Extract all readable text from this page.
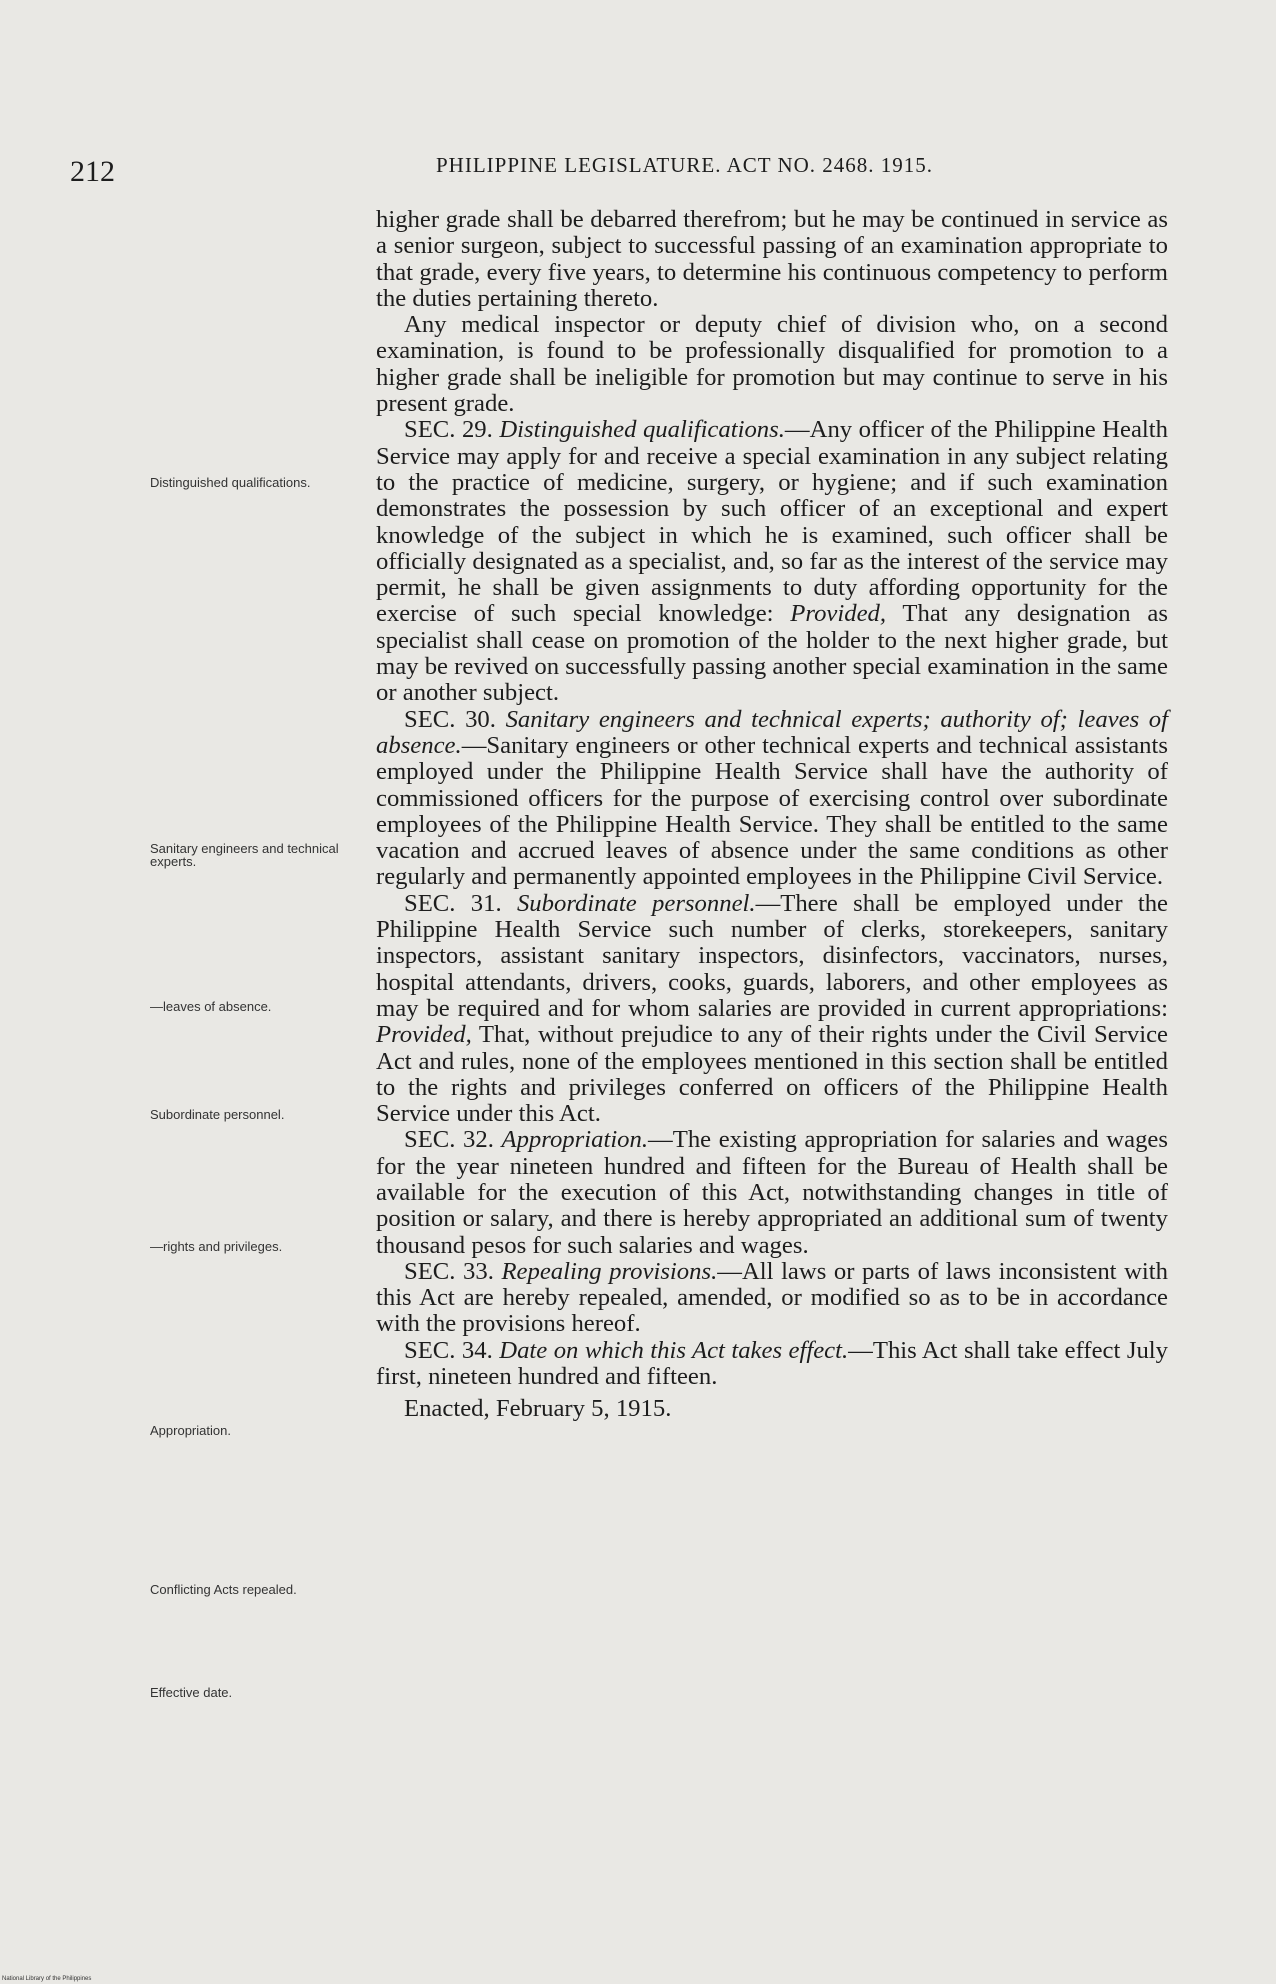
212	PHILIPPINE LEGISLATURE. ACT NO. 2468. 1915.
Distinguished qualifications.
Sanitary engineers and technical experts.
—leaves of absence.
Subordinate personnel.
—rights and privileges.
Appropriation.
Conflicting Acts repealed.
Effective date.

higher grade shall be debarred therefrom; but he may be continued in service as a senior surgeon, subject to successful passing of an examination appropriate to that grade, every five years, to determine his continuous competency to perform the duties pertaining thereto.

Any medical inspector or deputy chief of division who, on a second examination, is found to be professionally disqualified for promotion to a higher grade shall be ineligible for promotion but may continue to serve in his present grade.

SEC. 29. Distinguished qualifications.—Any officer of the Philippine Health Service may apply for and receive a special examination in any subject relating to the practice of medicine, surgery, or hygiene; and if such examination demonstrates the possession by such officer of an exceptional and expert knowledge of the subject in which he is examined, such officer shall be officially designated as a specialist, and, so far as the interest of the service may permit, he shall be given assignments to duty affording opportunity for the exercise of such special knowledge: Provided, That any designation as specialist shall cease on promotion of the holder to the next higher grade, but may be revived on successfully passing another special examination in the same or another subject.

SEC. 30. Sanitary engineers and technical experts; authority of; leaves of absence.—Sanitary engineers or other technical experts and technical assistants employed under the Philippine Health Service shall have the authority of commissioned officers for the purpose of exercising control over subordinate employees of the Philippine Health Service. They shall be entitled to the same vacation and accrued leaves of absence under the same conditions as other regularly and permanently appointed employees in the Philippine Civil Service.

SEC. 31. Subordinate personnel.—There shall be employed under the Philippine Health Service such number of clerks, storekeepers, sanitary inspectors, assistant sanitary inspectors, disinfectors, vaccinators, nurses, hospital attendants, drivers, cooks, guards, laborers, and other employees as may be required and for whom salaries are provided in current appropriations: Provided, That, without prejudice to any of their rights under the Civil Service Act and rules, none of the employees mentioned in this section shall be entitled to the rights and privileges conferred on officers of the Philippine Health Service under this Act.

SEC. 32. Appropriation.—The existing appropriation for salaries and wages for the year nineteen hundred and fifteen for the Bureau of Health shall be available for the execution of this Act, notwithstanding changes in title of position or salary, and there is hereby appropriated an additional sum of twenty thousand pesos for such salaries and wages.

SEC. 33. Repealing provisions.—All laws or parts of laws inconsistent with this Act are hereby repealed, amended, or modified so as to be in accordance with the provisions hereof.

SEC. 34. Date on which this Act takes effect.—This Act shall take effect July first, nineteen hundred and fifteen.

Enacted, February 5, 1915.

National Library of the Philippines
